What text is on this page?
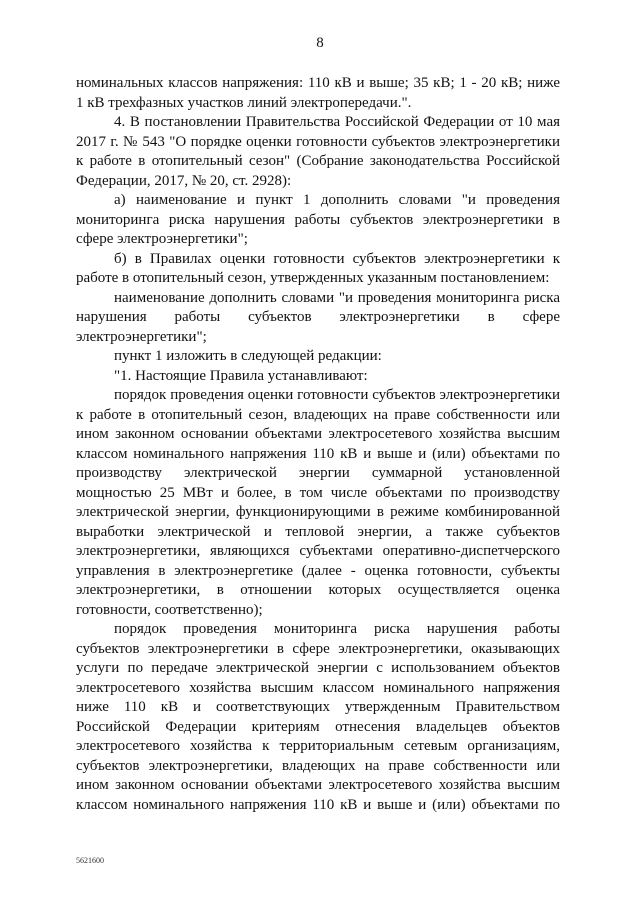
8
номинальных классов напряжения: 110 кВ и выше; 35 кВ; 1 - 20 кВ; ниже
1 кВ трехфазных участков линий электропередачи.".
4. В постановлении Правительства Российской Федерации от 10 мая
2017 г. № 543 "О порядке оценки готовности субъектов электроэнергетики
к работе в отопительный сезон" (Собрание законодательства Российской
Федерации, 2017, № 20, ст. 2928):
а) наименование и пункт 1 дополнить словами "и проведения
мониторинга риска нарушения работы субъектов электроэнергетики в
сфере электроэнергетики";
б) в Правилах оценки готовности субъектов электроэнергетики к
работе в отопительный сезон, утвержденных указанным постановлением:
наименование дополнить словами "и проведения мониторинга риска
нарушения работы субъектов электроэнергетики в сфере
электроэнергетики";
пункт 1 изложить в следующей редакции:
"1. Настоящие Правила устанавливают:
порядок проведения оценки готовности субъектов электроэнергетики
к работе в отопительный сезон, владеющих на праве собственности или
ином законном основании объектами электросетевого хозяйства высшим
классом номинального напряжения 110 кВ и выше и (или) объектами по
производству электрической энергии суммарной установленной
мощностью 25 МВт и более, в том числе объектами по производству
электрической энергии, функционирующими в режиме комбинированной
выработки электрической и тепловой энергии, а также субъектов
электроэнергетики, являющихся субъектами оперативно-диспетчерского
управления в электроэнергетике (далее - оценка готовности, субъекты
электроэнергетики, в отношении которых осуществляется оценка
готовности, соответственно);
порядок проведения мониторинга риска нарушения работы
субъектов электроэнергетики в сфере электроэнергетики, оказывающих
услуги по передаче электрической энергии с использованием объектов
электросетевого хозяйства высшим классом номинального напряжения
ниже 110 кВ и соответствующих утвержденным Правительством
Российской Федерации критериям отнесения владельцев объектов
электросетевого хозяйства к территориальным сетевым организациям,
субъектов электроэнергетики, владеющих на праве собственности или
ином законном основании объектами электросетевого хозяйства высшим
классом номинального напряжения 110 кВ и выше и (или) объектами по
5621600
